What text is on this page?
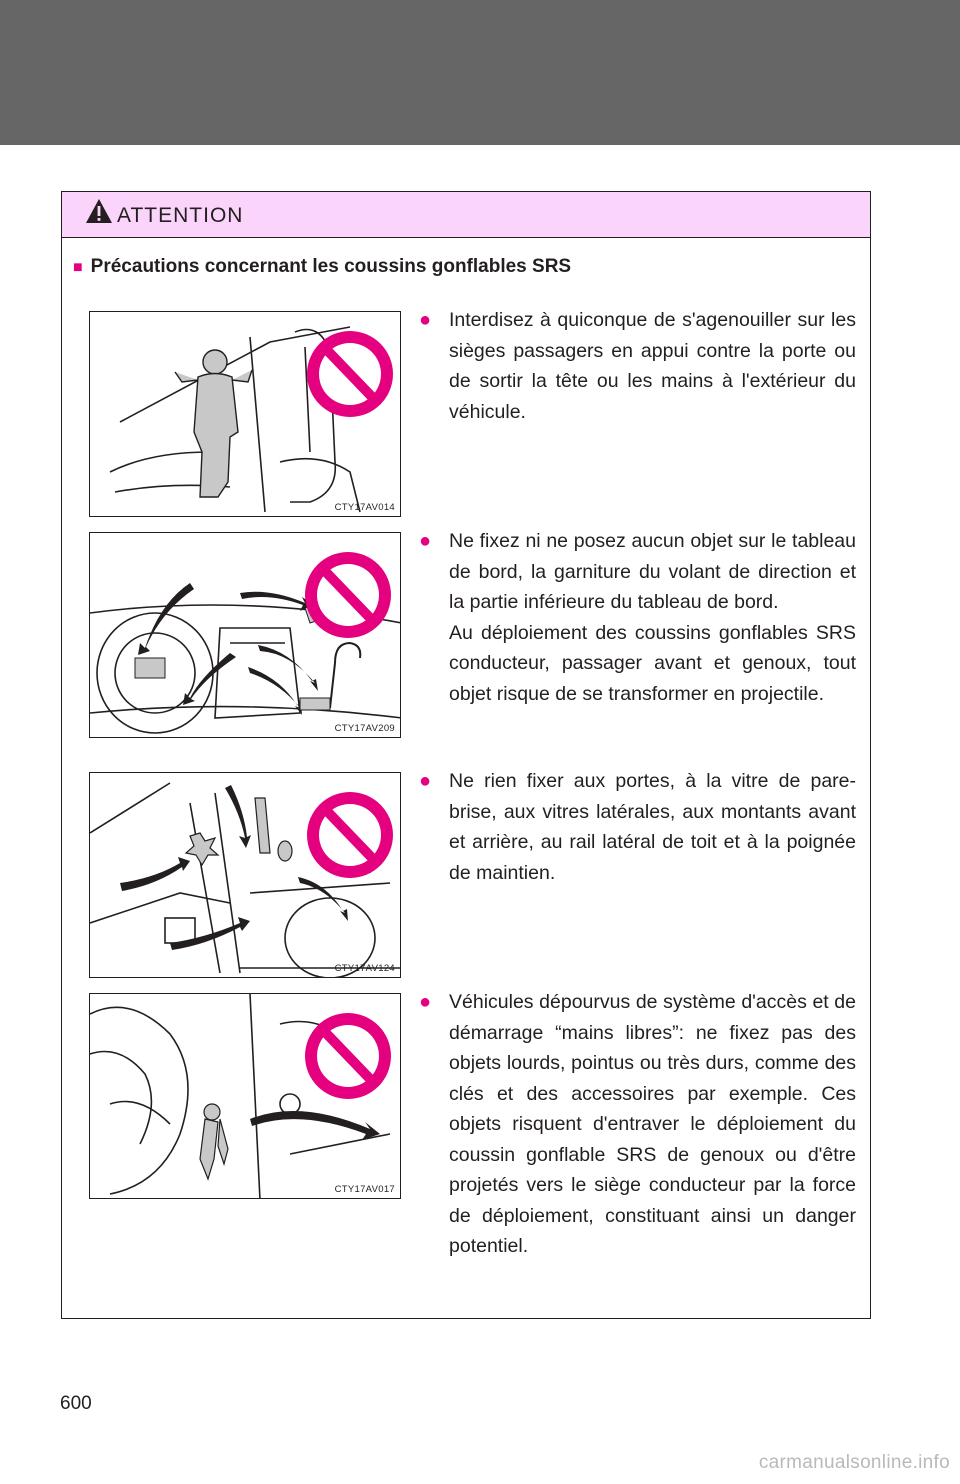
ATTENTION
■ Précautions concernant les coussins gonflables SRS
CTY17AV014
CTY17AV209
CTY17AV124
CTY17AV017
● Interdisez à quiconque de s'agenouiller sur les sièges passagers en appui contre la porte ou de sortir la tête ou les mains à l'extérieur du véhicule.

● Ne fixez ni ne posez aucun objet sur le tableau de bord, la garniture du volant de direction et la partie inférieure du tableau de bord.

Au déploiement des coussins gonflables SRS conducteur, passager avant et genoux, tout objet risque de se transformer en projectile.

● Ne rien fixer aux portes, à la vitre de pare-brise, aux vitres latérales, aux montants avant et arrière, au rail latéral de toit et à la poignée de maintien.

● Véhicules dépourvus de système d'accès et de démarrage “mains libres”: ne fixez pas des objets lourds, pointus ou très durs, comme des clés et des accessoires par exemple. Ces objets risquent d'entraver le déploiement du coussin gonflable SRS de genoux ou d'être projetés vers le siège conducteur par la force de déploiement, constituant ainsi un danger potentiel.

600
carmanualsonline.info
